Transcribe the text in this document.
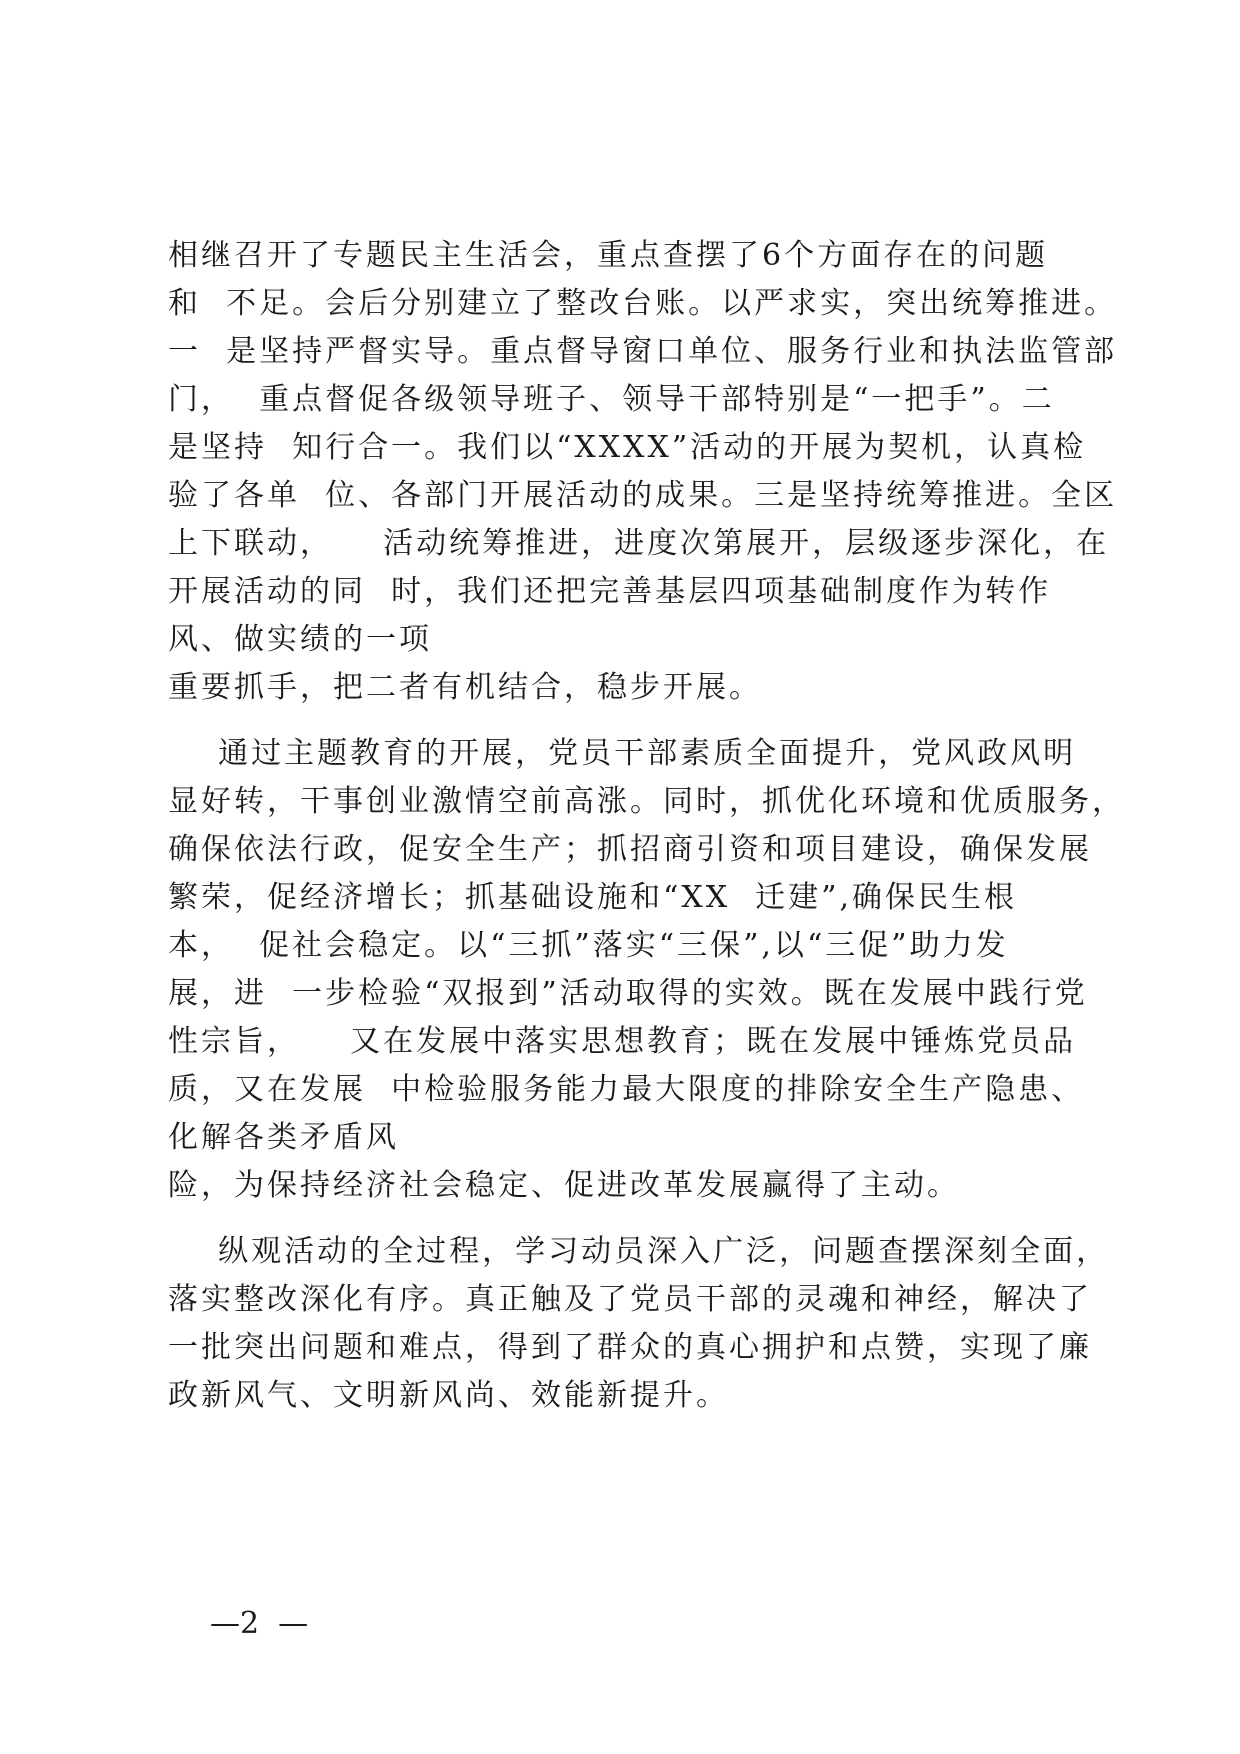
相继召开了专题民主生活会，重点查摆了6个方面存在的问题
和  不足。会后分别建立了整改台账。以严求实，突出统筹推进。
一  是坚持严督实导。重点督导窗口单位、服务行业和执法监管部
门，  重点督促各级领导班子、领导干部特别是“一把手”。二
是坚持  知行合一。我们以“XXXX”活动的开展为契机，认真检
验了各单  位、各部门开展活动的成果。三是坚持统筹推进。全区
上下联动，    活动统筹推进，进度次第展开，层级逐步深化，在
开展活动的同  时，我们还把完善基层四项基础制度作为转作
风、做实绩的一项
重要抓手，把二者有机结合，稳步开展。
通过主题教育的开展，党员干部素质全面提升，党风政风明
显好转，干事创业激情空前高涨。同时，抓优化环境和优质服务，
确保依法行政，促安全生产；抓招商引资和项目建设，确保发展
繁荣，促经济增长；抓基础设施和“XX  迁建”,确保民生根
本，  促社会稳定。以“三抓”落实“三保”,以“三促”助力发
展，进  一步检验“双报到”活动取得的实效。既在发展中践行党
性宗旨，    又在发展中落实思想教育；既在发展中锤炼党员品
质，又在发展  中检验服务能力最大限度的排除安全生产隐患、
化解各类矛盾风
险，为保持经济社会稳定、促进改革发展赢得了主动。
纵观活动的全过程，学习动员深入广泛，问题查摆深刻全面，
落实整改深化有序。真正触及了党员干部的灵魂和神经，解决了
一批突出问题和难点，得到了群众的真心拥护和点赞，实现了廉
政新风气、文明新风尚、效能新提升。
—2  —
